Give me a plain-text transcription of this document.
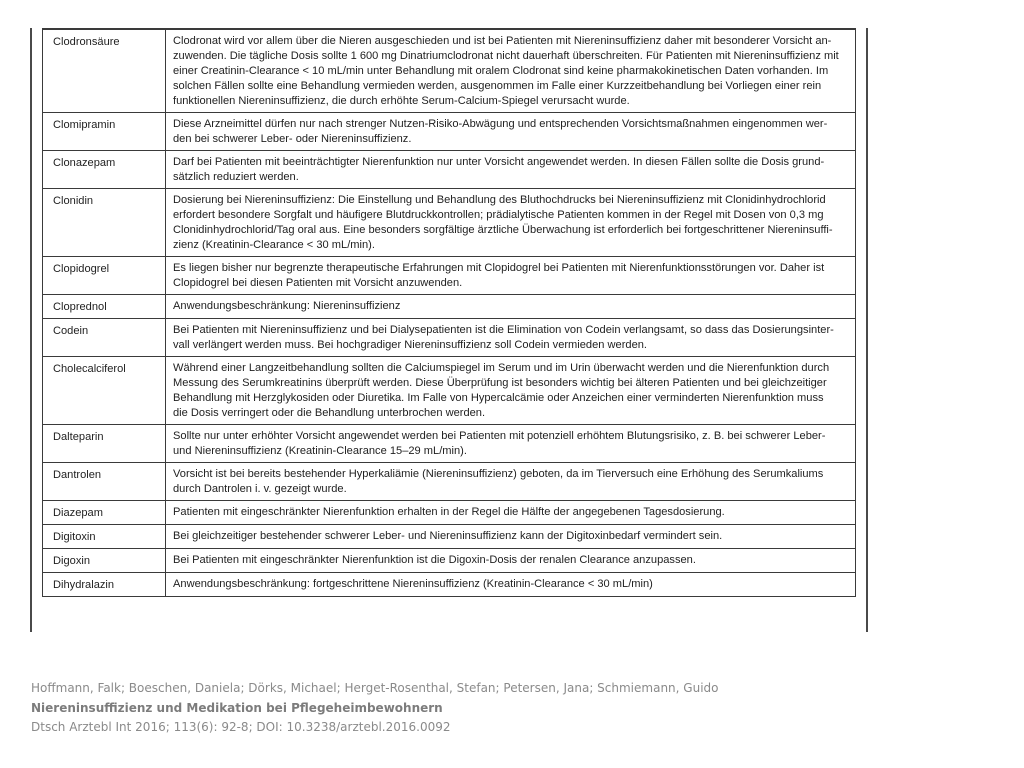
Clodronsäure	Clodronat wird vor allem über die Nieren ausgeschieden und ist bei Patienten mit Niereninsuffizienz daher mit besonderer Vorsicht an-
zuwenden. Die tägliche Dosis sollte 1 600 mg Dinatriumclodronat nicht dauerhaft überschreiten. Für Patienten mit Niereninsuffizienz mit
einer Creatinin-Clearance < 10 mL/min unter Behandlung mit oralem Clodronat sind keine pharmakokinetischen Daten vorhanden. Im
solchen Fällen sollte eine Behandlung vermieden werden, ausgenommen im Falle einer Kurzzeitbehandlung bei Vorliegen einer rein
funktionellen Niereninsuffizienz, die durch erhöhte Serum-Calcium-Spiegel verursacht wurde.

Clomipramin	Diese Arzneimittel dürfen nur nach strenger Nutzen-Risiko-Abwägung und entsprechenden Vorsichtsmaßnahmen eingenommen wer-
den bei schwerer Leber- oder Niereninsuffizienz.

Clonazepam	Darf bei Patienten mit beeinträchtigter Nierenfunktion nur unter Vorsicht angewendet werden. In diesen Fällen sollte die Dosis grund-
sätzlich reduziert werden.

Clonidin	Dosierung bei Niereninsuffizienz: Die Einstellung und Behandlung des Bluthochdrucks bei Niereninsuffizienz mit Clonidinhydrochlorid
erfordert besondere Sorgfalt und häufigere Blutdruckkontrollen; prädialytische Patienten kommen in der Regel mit Dosen von 0,3 mg
Clonidinhydrochlorid/Tag oral aus. Eine besonders sorgfältige ärztliche Überwachung ist erforderlich bei fortgeschrittener Niereninsuffi-
zienz (Kreatinin-Clearance < 30 mL/min).

Clopidogrel	Es liegen bisher nur begrenzte therapeutische Erfahrungen mit Clopidogrel bei Patienten mit Nierenfunktionsstörungen vor. Daher ist
Clopidogrel bei diesen Patienten mit Vorsicht anzuwenden.

Cloprednol	Anwendungsbeschränkung: Niereninsuffizienz

Codein	Bei Patienten mit Niereninsuffizienz und bei Dialysepatienten ist die Elimination von Codein verlangsamt, so dass das Dosierungsinter-
vall verlängert werden muss. Bei hochgradiger Niereninsuffizienz soll Codein vermieden werden.

Cholecalciferol	Während einer Langzeitbehandlung sollten die Calciumspiegel im Serum und im Urin überwacht werden und die Nierenfunktion durch
Messung des Serumkreatinins überprüft werden. Diese Überprüfung ist besonders wichtig bei älteren Patienten und bei gleichzeitiger
Behandlung mit Herzglykosiden oder Diuretika. Im Falle von Hypercalcämie oder Anzeichen einer verminderten Nierenfunktion muss
die Dosis verringert oder die Behandlung unterbrochen werden.

Dalteparin	Sollte nur unter erhöhter Vorsicht angewendet werden bei Patienten mit potenziell erhöhtem Blutungsrisiko, z. B. bei schwerer Leber-
und Niereninsuffizienz (Kreatinin-Clearance 15–29 mL/min).

Dantrolen	Vorsicht ist bei bereits bestehender Hyperkaliämie (Niereninsuffizienz) geboten, da im Tierversuch eine Erhöhung des Serumkaliums
durch Dantrolen i. v. gezeigt wurde.

Diazepam	Patienten mit eingeschränkter Nierenfunktion erhalten in der Regel die Hälfte der angegebenen Tagesdosierung.

Digitoxin	Bei gleichzeitiger bestehender schwerer Leber- und Niereninsuffizienz kann der Digitoxinbedarf vermindert sein.

Digoxin	Bei Patienten mit eingeschränkter Nierenfunktion ist die Digoxin-Dosis der renalen Clearance anzupassen.

Dihydralazin	Anwendungsbeschränkung: fortgeschrittene Niereninsuffizienz (Kreatinin-Clearance < 30 mL/min)
Hoffmann, Falk; Boeschen, Daniela; Dörks, Michael; Herget-Rosenthal, Stefan; Petersen, Jana; Schmiemann, Guido
Niereninsuffizienz und Medikation bei Pflegeheimbewohnern
Dtsch Arztebl Int 2016; 113(6): 92-8; DOI: 10.3238/arztebl.2016.0092
